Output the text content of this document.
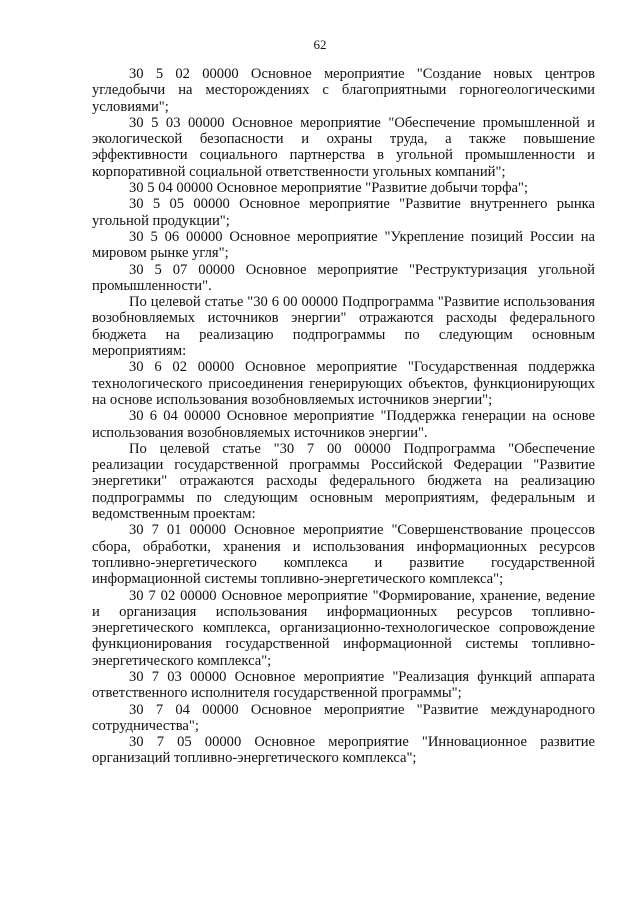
62

30 5 02 00000 Основное мероприятие "Создание новых центров угледобычи на месторождениях с благоприятными горногеологическими условиями";

30 5 03 00000 Основное мероприятие "Обеспечение промышленной и экологической безопасности и охраны труда, а также повышение эффективности социального партнерства в угольной промышленности и корпоративной социальной ответственности угольных компаний";

30 5 04 00000 Основное мероприятие "Развитие добычи торфа";

30 5 05 00000 Основное мероприятие "Развитие внутреннего рынка угольной продукции";

30 5 06 00000 Основное мероприятие "Укрепление позиций России на мировом рынке угля";

30 5 07 00000 Основное мероприятие "Реструктуризация угольной промышленности".

По целевой статье "30 6 00 00000 Подпрограмма "Развитие использования возобновляемых источников энергии" отражаются расходы федерального бюджета на реализацию подпрограммы по следующим основным мероприятиям:

30 6 02 00000 Основное мероприятие "Государственная поддержка технологического присоединения генерирующих объектов, функционирующих на основе использования возобновляемых источников энергии";

30 6 04 00000 Основное мероприятие "Поддержка генерации на основе использования возобновляемых источников энергии".

По целевой статье "30 7 00 00000 Подпрограмма "Обеспечение реализации государственной программы Российской Федерации "Развитие энергетики" отражаются расходы федерального бюджета на реализацию подпрограммы по следующим основным мероприятиям, федеральным и ведомственным проектам:

30 7 01 00000 Основное мероприятие "Совершенствование процессов сбора, обработки, хранения и использования информационных ресурсов топливно-энергетического комплекса и развитие государственной информационной системы топливно-энергетического комплекса";

30 7 02 00000 Основное мероприятие "Формирование, хранение, ведение и организация использования информационных ресурсов топливно-энергетического комплекса, организационно-технологическое сопровождение функционирования государственной информационной системы топливно-энергетического комплекса";

30 7 03 00000 Основное мероприятие "Реализация функций аппарата ответственного исполнителя государственной программы";

30 7 04 00000 Основное мероприятие "Развитие международного сотрудничества";

30 7 05 00000 Основное мероприятие "Инновационное развитие организаций топливно-энергетического комплекса";
